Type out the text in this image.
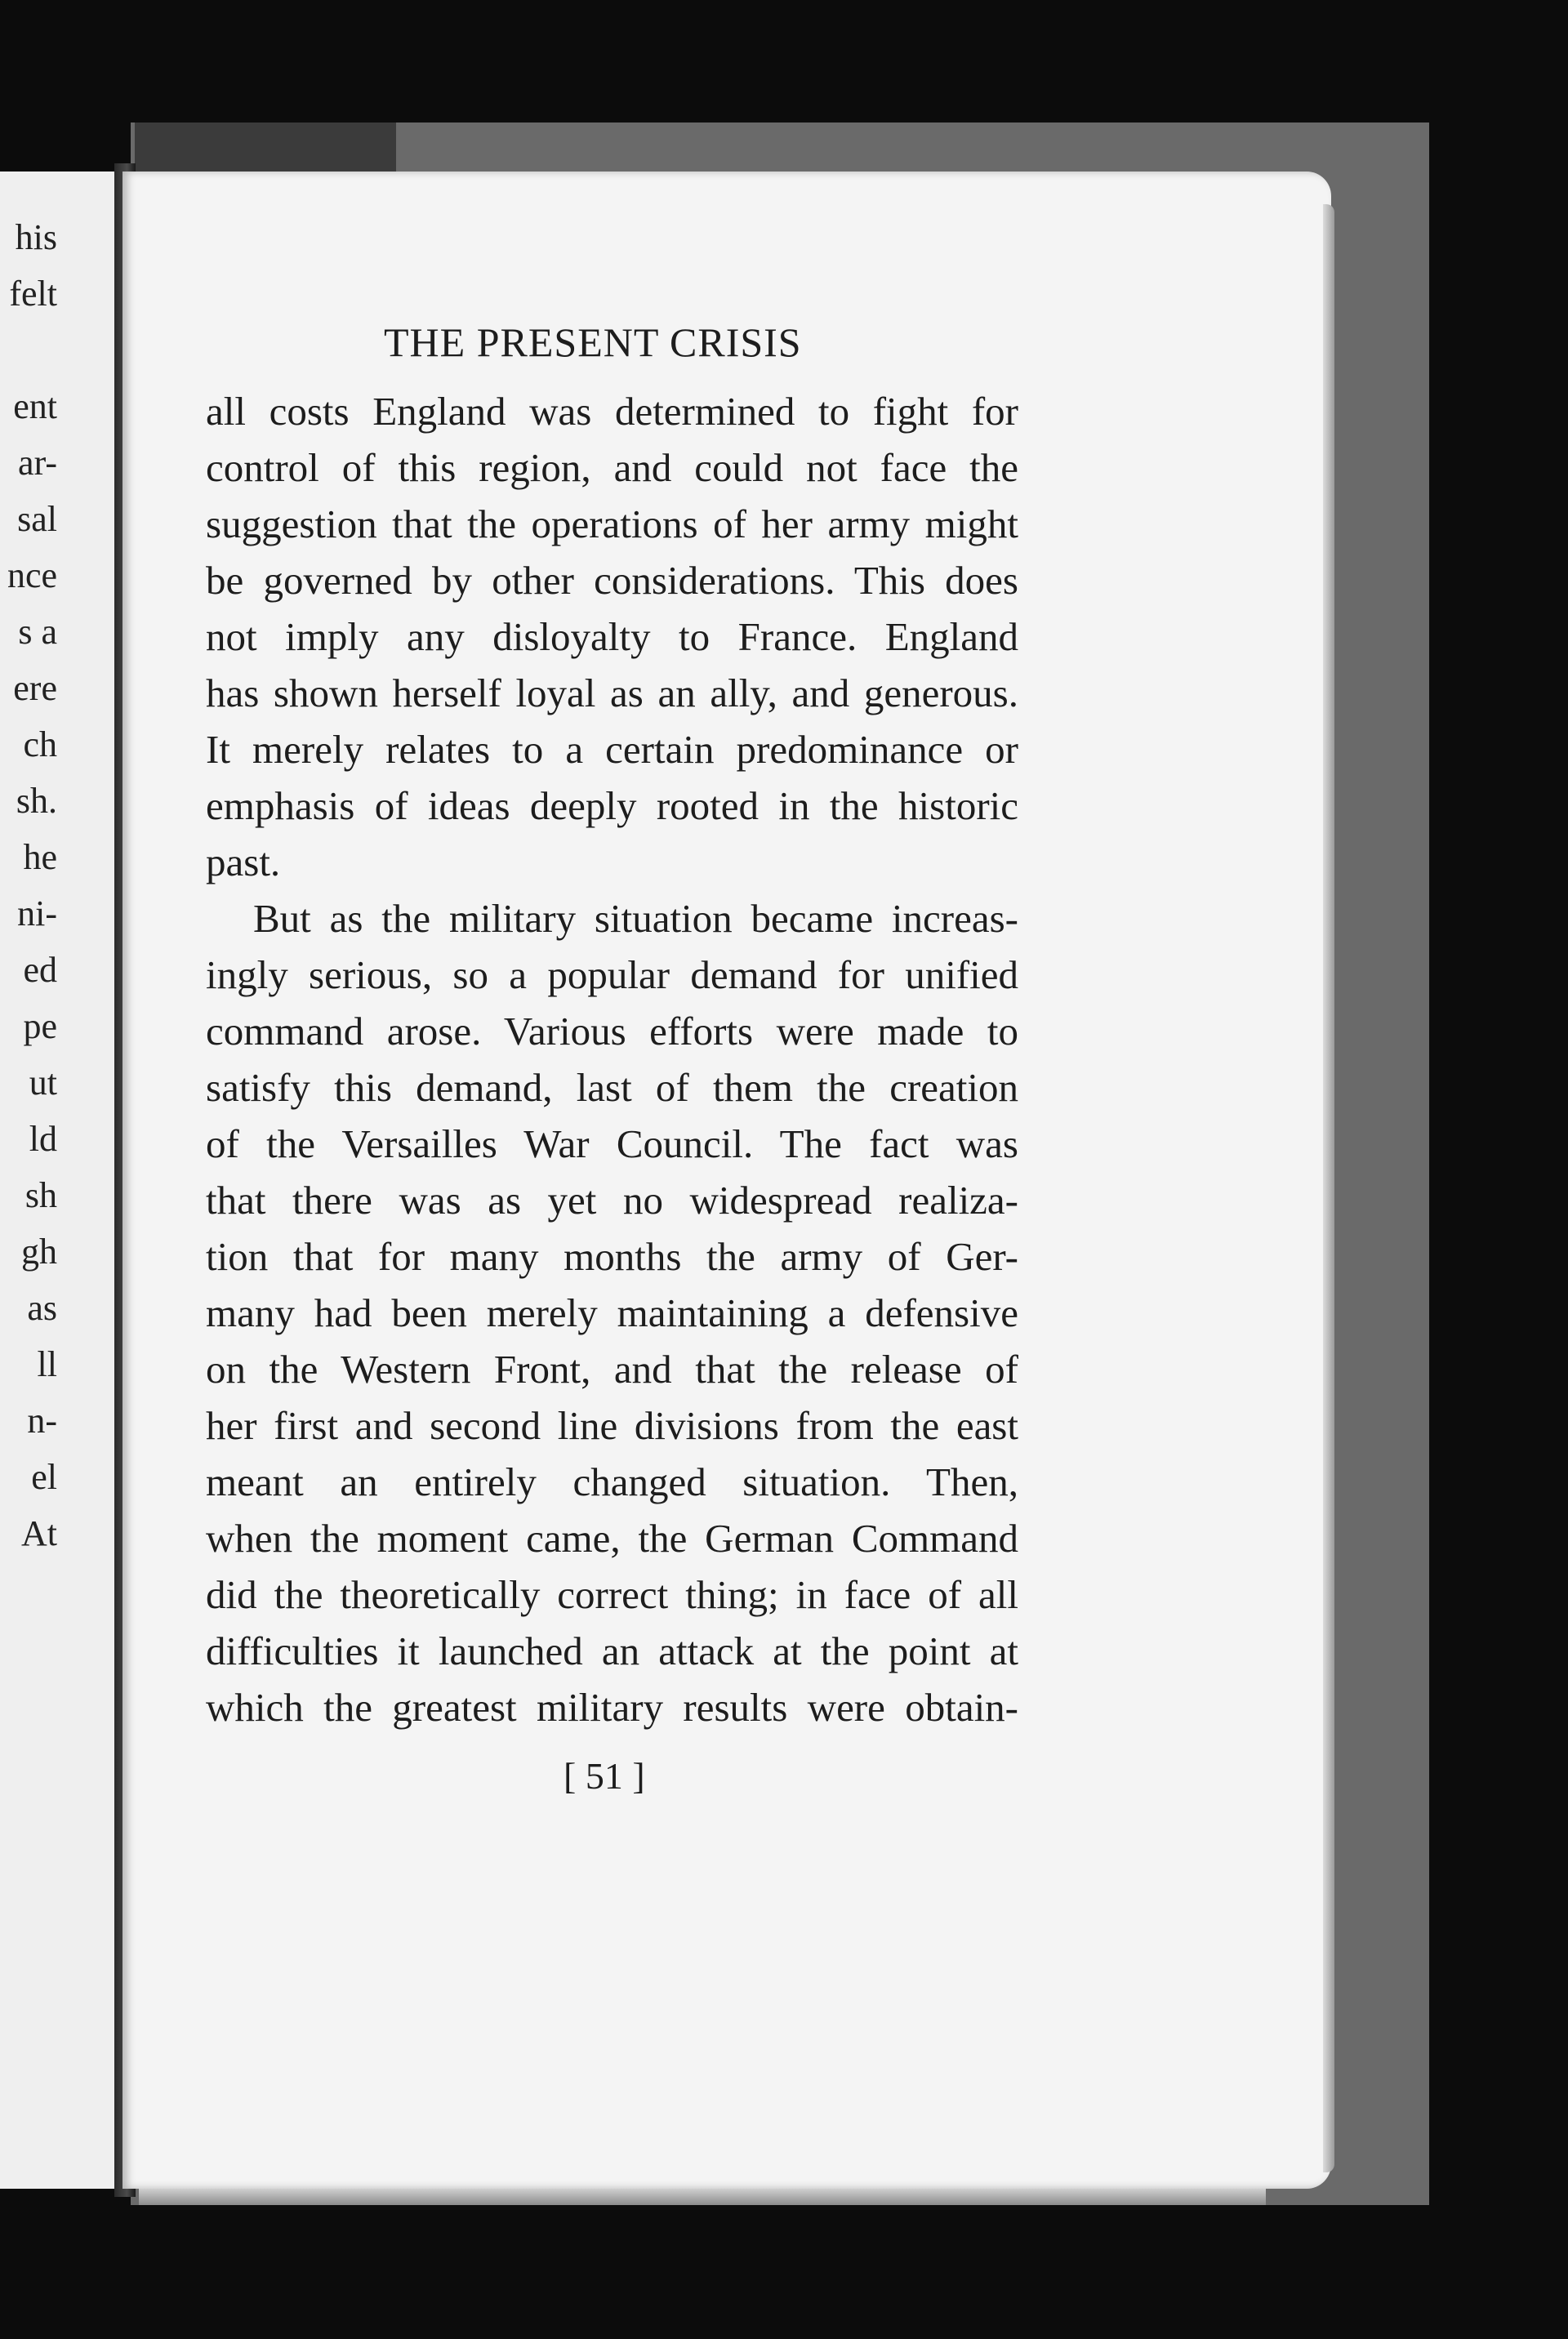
his
felt
ent
ar-
sal
nce
s a
ere
ch
sh.
he
ni-
ed
pe
ut
ld
sh
gh
as
ll
n-
el
At
THE PRESENT CRISIS
all costs England was determined to fight for
control of this region, and could not face the
suggestion that the operations of her army might
be governed by other considerations. This does
not imply any disloyalty to France. England
has shown herself loyal as an ally, and generous.
It merely relates to a certain predominance or
emphasis of ideas deeply rooted in the historic
past.
But as the military situation became increas-
ingly serious, so a popular demand for unified
command arose. Various efforts were made to
satisfy this demand, last of them the creation
of the Versailles War Council. The fact was
that there was as yet no widespread realiza-
tion that for many months the army of Ger-
many had been merely maintaining a defensive
on the Western Front, and that the release of
her first and second line divisions from the east
meant an entirely changed situation. Then,
when the moment came, the German Command
did the theoretically correct thing; in face of all
difficulties it launched an attack at the point at
which the greatest military results were obtain-
[ 51 ]
